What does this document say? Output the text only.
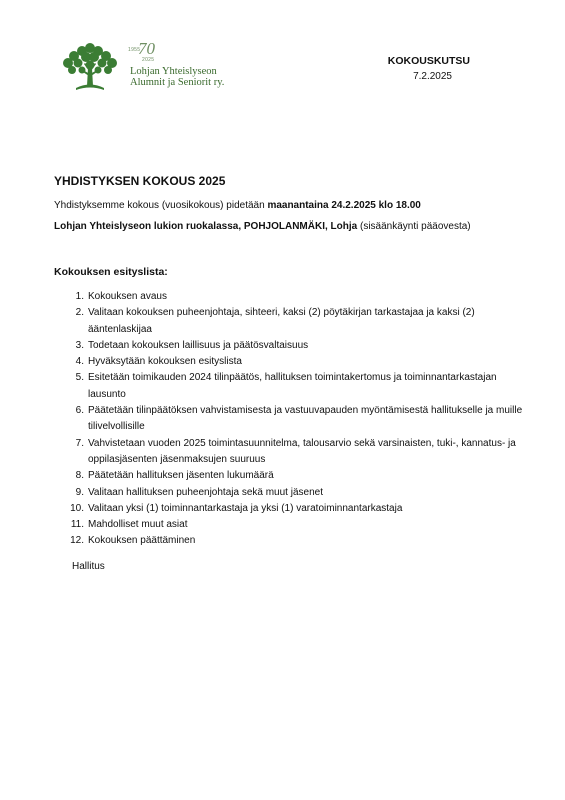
1955
70
2025
Lohjan Yhteislyseon
Alumnit ja Seniorit ry.
KOKOUSKUTSU
7.2.2025
YHDISTYKSEN KOKOUS 2025
Yhdistyksemme kokous (vuosikokous) pidetään maanantaina 24.2.2025 klo 18.00
Lohjan Yhteislyseon lukion ruokalassa, POHJOLANMÄKI, Lohja (sisäänkäynti pääovesta)
Kokouksen esityslista:
1. Kokouksen avaus
2. Valitaan kokouksen puheenjohtaja, sihteeri, kaksi (2) pöytäkirjan tarkastajaa ja kaksi (2) ääntenlaskijaa
3. Todetaan kokouksen laillisuus ja päätösvaltaisuus
4. Hyväksytään kokouksen esityslista
5. Esitetään toimikauden 2024 tilinpäätös, hallituksen toimintakertomus ja toiminnantarkastajan lausunto
6. Päätetään tilinpäätöksen vahvistamisesta ja vastuuvapauden myöntämisestä hallitukselle ja muille tilivelvollisille
7. Vahvistetaan vuoden 2025 toimintasuunnitelma, talousarvio sekä varsinaisten, tuki-, kannatus- ja oppilasjäsenten jäsenmaksujen suuruus
8. Päätetään hallituksen jäsenten lukumäärä
9. Valitaan hallituksen puheenjohtaja sekä muut jäsenet
10. Valitaan yksi (1) toiminnantarkastaja ja yksi (1) varatoiminnantarkastaja
11. Mahdolliset muut asiat
12. Kokouksen päättäminen
Hallitus
